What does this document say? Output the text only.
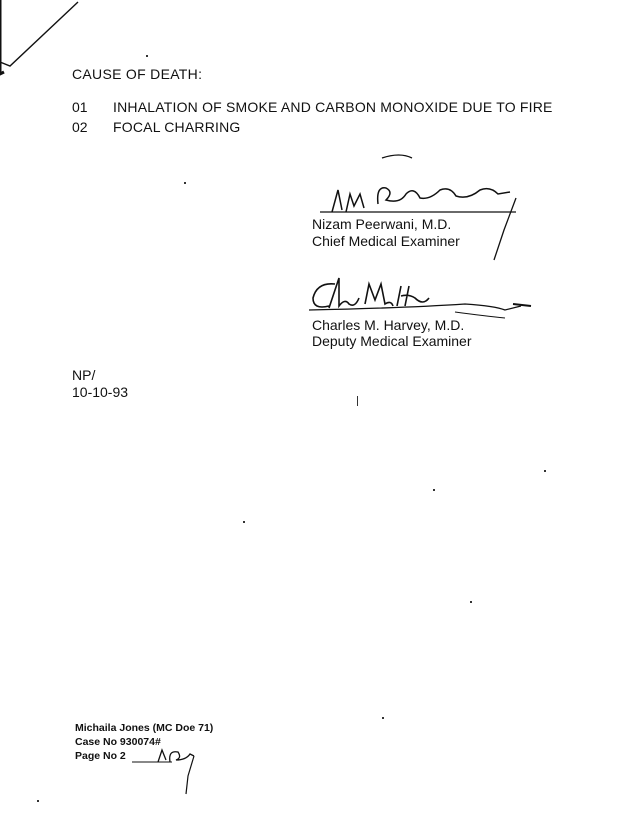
CAUSE OF DEATH:
01 INHALATION OF SMOKE AND CARBON MONOXIDE DUE TO FIRE
02 FOCAL CHARRING
Nizam Peerwani, M.D.
Chief Medical Examiner
Charles M. Harvey, M.D.
Deputy Medical Examiner
NP/
10-10-93
Michaila Jones (MC Doe 71)
Case No 930074#
Page No 2
